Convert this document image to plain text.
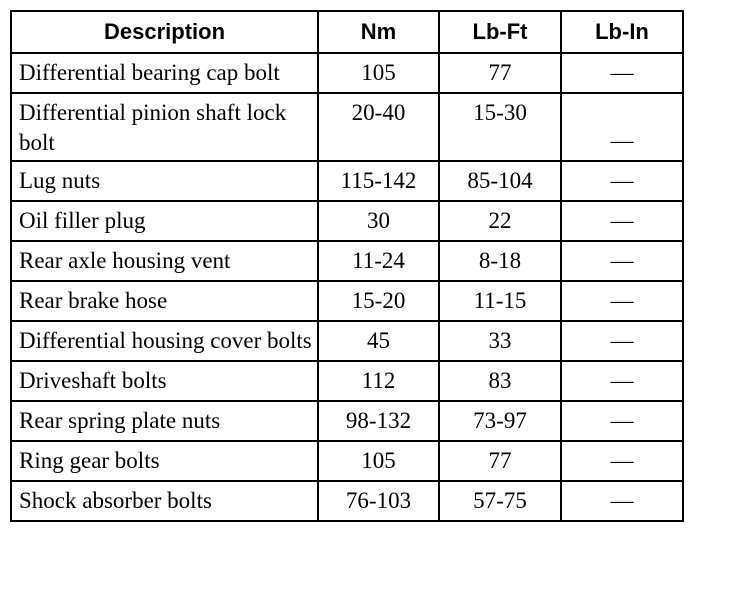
Description	Nm	Lb-Ft	Lb-In
Differential bearing cap bolt	105	77	—
Differential pinion shaft lock bolt	20-40	15-30	—
Lug nuts	115-142	85-104	—
Oil filler plug	30	22	—
Rear axle housing vent	11-24	8-18	—
Rear brake hose	15-20	11-15	—
Differential housing cover bolts	45	33	—
Driveshaft bolts	112	83	—
Rear spring plate nuts	98-132	73-97	—
Ring gear bolts	105	77	—
Shock absorber bolts	76-103	57-75	—
